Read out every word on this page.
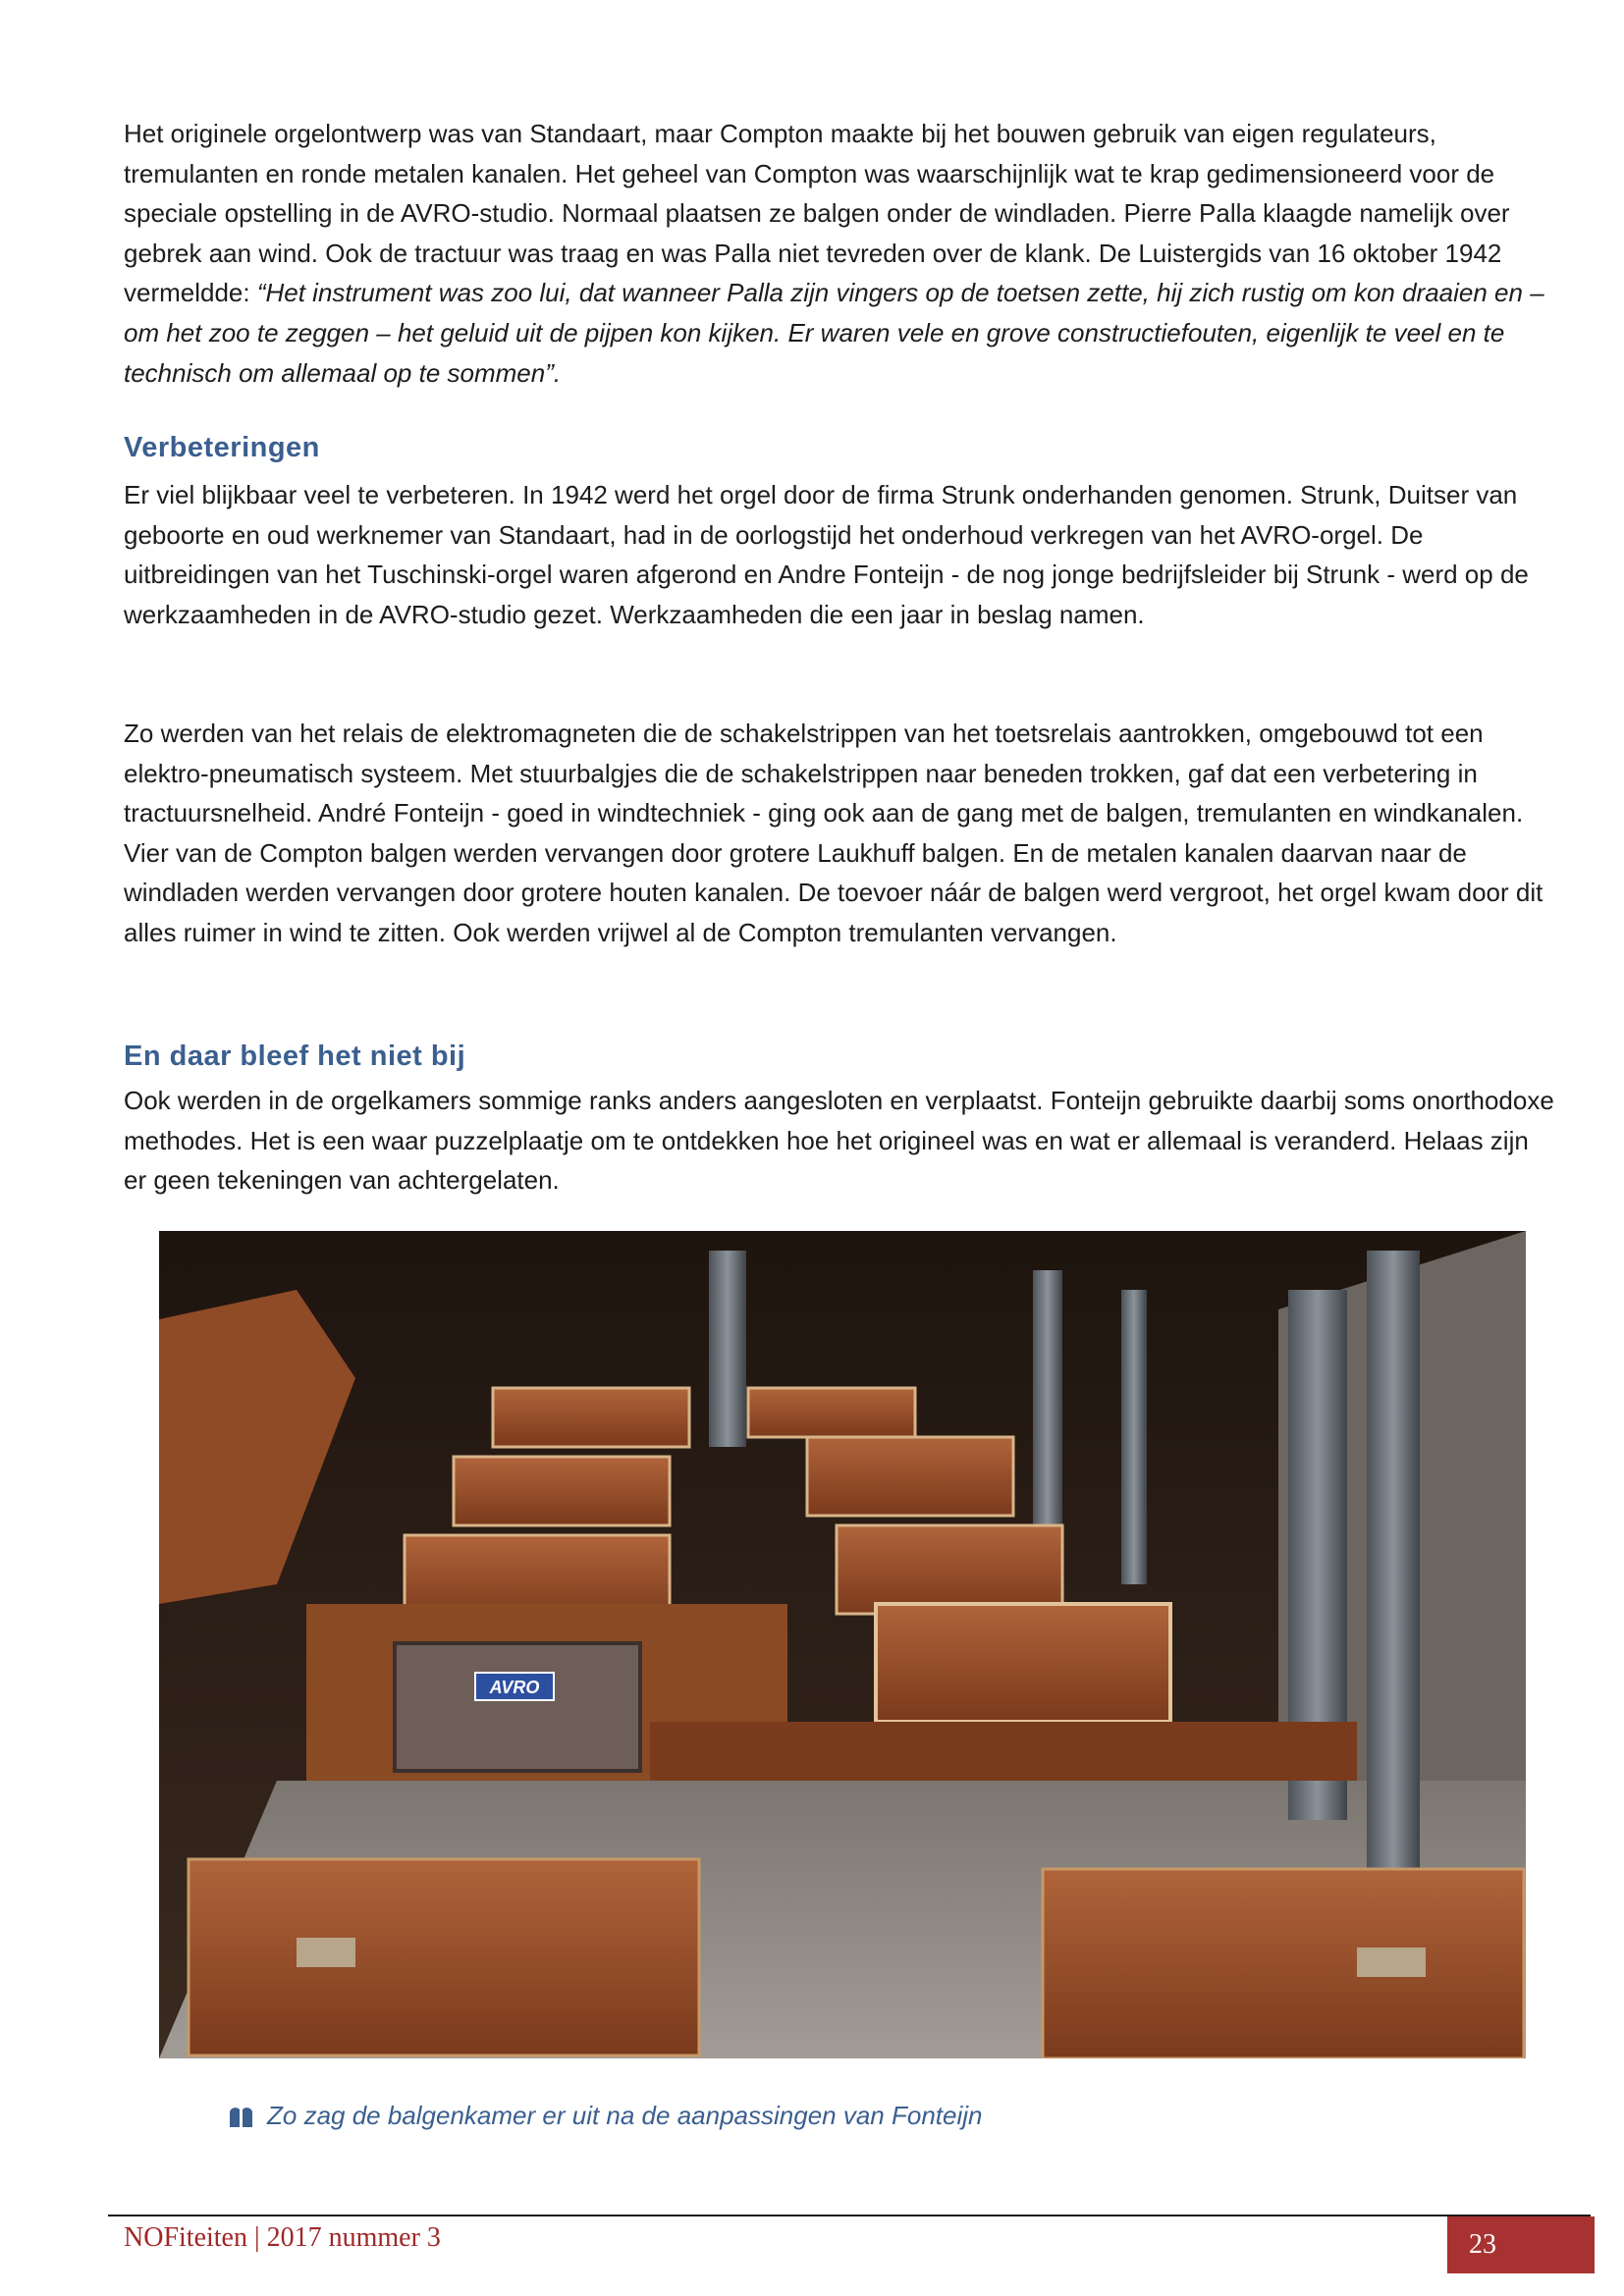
Het originele orgelontwerp was van Standaart, maar Compton maakte bij het bouwen gebruik van eigen regulateurs, tremulanten en ronde metalen kanalen. Het geheel van Compton was waarschijnlijk wat te krap gedimensioneerd voor de speciale opstelling in de AVRO-studio. Normaal plaatsen ze balgen onder de windladen. Pierre Palla klaagde namelijk over gebrek aan wind. Ook de tractuur was traag en was Palla niet tevreden over de klank. De Luistergids van 16 oktober 1942 vermeldde: “Het instrument was zoo lui, dat wanneer Palla zijn vingers op de toetsen zette, hij zich rustig om kon draaien en – om het zoo te zeggen – het geluid uit de pijpen kon kijken. Er waren vele en grove constructiefouten, eigenlijk te veel en te technisch om allemaal op te sommen”.

Verbeteringen

Er viel blijkbaar veel te verbeteren. In 1942 werd het orgel door de firma Strunk onderhanden genomen. Strunk, Duitser van geboorte en oud werknemer van Standaart, had in de oorlogstijd het onderhoud verkregen van het AVRO-orgel. De uitbreidingen van het Tuschinski-orgel waren afgerond en Andre Fonteijn - de nog jonge bedrijfsleider bij Strunk - werd op de werkzaamheden in de AVRO-studio gezet. Werkzaamheden die een jaar in beslag namen.

Zo werden van het relais de elektromagneten die de schakelstrippen van het toetsrelais aantrokken, omgebouwd tot een elektro-pneumatisch systeem. Met stuurbalgjes die de schakelstrippen naar beneden trokken, gaf dat een verbetering in tractuursnelheid. André Fonteijn - goed in windtechniek - ging ook aan de gang met de balgen, tremulanten en windkanalen. Vier van de Compton balgen werden vervangen door grotere Laukhuff balgen. En de metalen kanalen daarvan naar de windladen werden vervangen door grotere houten kanalen. De toevoer náár de balgen werd vergroot, het orgel kwam door dit alles ruimer in wind te zitten. Ook werden vrijwel al de Compton tremulanten vervangen.

En daar bleef het niet bij

Ook werden in de orgelkamers sommige ranks anders aangesloten en verplaatst. Fonteijn gebruikte daarbij soms onorthodoxe methodes. Het is een waar puzzelplaatje om te ontdekken hoe het origineel was en wat er allemaal is veranderd. Helaas zijn er geen tekeningen van achtergelaten.

AVRO
Zo zag de balgenkamer er uit na de aanpassingen van Fonteijn
NOFiteiten | 2017 nummer 3	23
